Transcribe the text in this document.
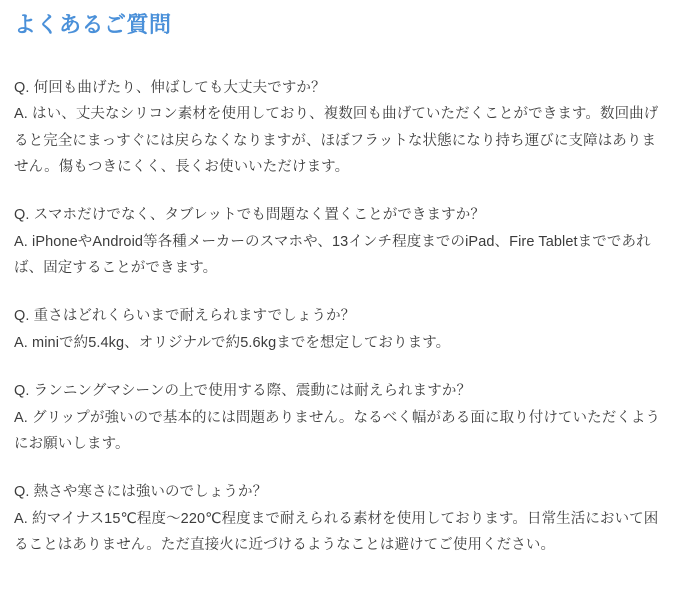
よくあるご質問

Q. 何回も曲げたり、伸ばしても大丈夫ですか？

A. はい、丈夫なシリコン素材を使用しており、複数回も曲げていただくことができます。数回曲げると完全にまっすぐには戻らなくなりますが、ほぼフラットな状態になり持ち運びに支障はありません。傷もつきにくく、長くお使いいただけます。

Q. スマホだけでなく、タブレットでも問題なく置くことができますか？

A. iPhoneやAndroid等各種メーカーのスマホや、13インチ程度までのiPad、Fire Tabletまでであれば、固定することができます。

Q. 重さはどれくらいまで耐えられますでしょうか？

A. miniで約5.4kg、オリジナルで約5.6kgまでを想定しております。

Q. ランニングマシーンの上で使用する際、震動には耐えられますか？

A. グリップが強いので基本的には問題ありません。なるべく幅がある面に取り付けていただくようにお願いします。

Q. 熱さや寒さには強いのでしょうか？

A. 約マイナス15℃程度〜220℃程度まで耐えられる素材を使用しております。日常生活において困ることはありません。ただ直接火に近づけるようなことは避けてご使用ください。
